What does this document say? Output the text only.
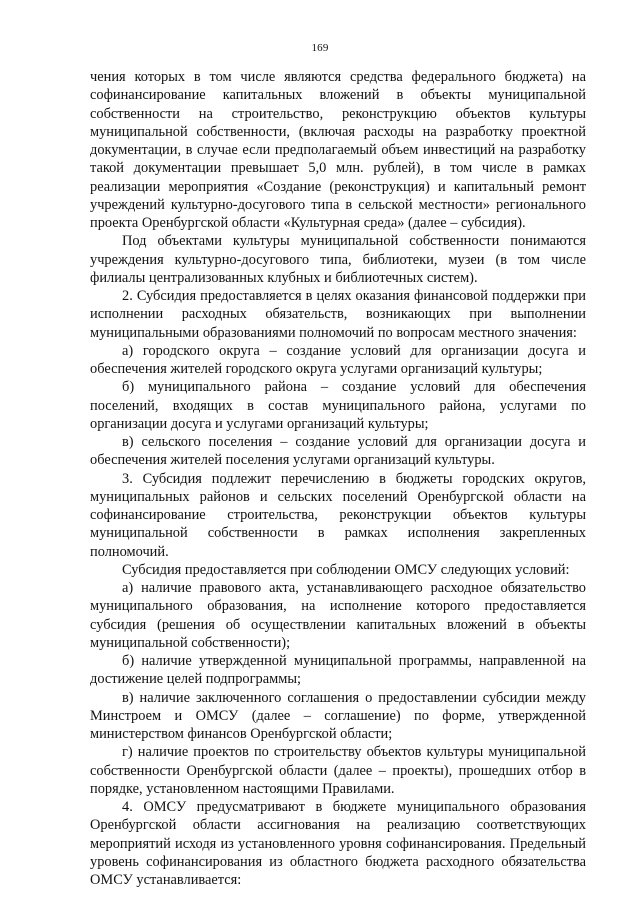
169

чения которых в том числе являются средства федерального бюджета) на софинансирование капитальных вложений в объекты муниципальной собственности на строительство, реконструкцию объектов культуры муниципальной собственности, (включая расходы на разработку проектной документации, в случае если предполагаемый объем инвестиций на разработку такой документации превышает 5,0 млн. рублей), в том числе в рамках реализации мероприятия «Создание (реконструкция) и капитальный ремонт учреждений культурно-досугового типа в сельской местности» регионального проекта Оренбургской области «Культурная среда» (далее – субсидия).

Под объектами культуры муниципальной собственности понимаются учреждения культурно-досугового типа, библиотеки, музеи (в том числе филиалы централизованных клубных и библиотечных систем).

2. Субсидия предоставляется в целях оказания финансовой поддержки при исполнении расходных обязательств, возникающих при выполнении муниципальными образованиями полномочий по вопросам местного значения:

а) городского округа – создание условий для организации досуга и обеспечения жителей городского округа услугами организаций культуры;

б) муниципального района – создание условий для обеспечения поселений, входящих в состав муниципального района, услугами по организации досуга и услугами организаций культуры;

в) сельского поселения – создание условий для организации досуга и обеспечения жителей поселения услугами организаций культуры.

3. Субсидия подлежит перечислению в бюджеты городских округов, муниципальных районов и сельских поселений Оренбургской области на софинансирование строительства, реконструкции объектов культуры муниципальной собственности в рамках исполнения закрепленных полномочий.

Субсидия предоставляется при соблюдении ОМСУ следующих условий:

а) наличие правового акта, устанавливающего расходное обязательство муниципального образования, на исполнение которого предоставляется субсидия (решения об осуществлении капитальных вложений в объекты муниципальной собственности);

б) наличие утвержденной муниципальной программы, направленной на достижение целей подпрограммы;

в) наличие заключенного соглашения о предоставлении субсидии между Минстроем и ОМСУ (далее – соглашение) по форме, утвержденной министерством финансов Оренбургской области;

г) наличие проектов по строительству объектов культуры муниципальной собственности Оренбургской области (далее – проекты), прошедших отбор в порядке, установленном настоящими Правилами.

4. ОМСУ предусматривают в бюджете муниципального образования Оренбургской области ассигнования на реализацию соответствующих мероприятий исходя из установленного уровня софинансирования. Предельный уровень софинансирования из областного бюджета расходного обязательства ОМСУ устанавливается:
